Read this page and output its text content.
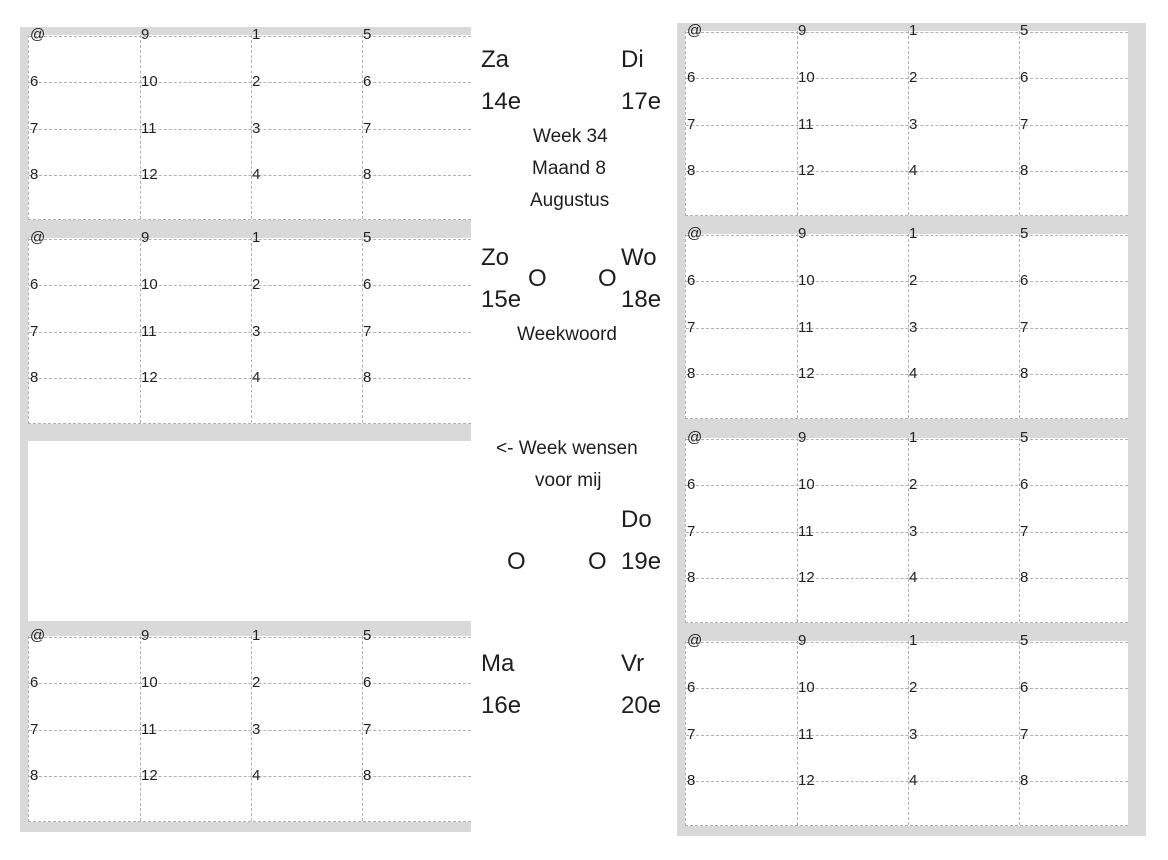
@	9	1	5
6	10	2	6
7	11	3	7
8	12	4	8
@	9	1	5
6	10	2	6
7	11	3	7
8	12	4	8
@	9	1	5
6	10	2	6
7	11	3	7
8	12	4	8
@	9	1	5
6	10	2	6
7	11	3	7
8	12	4	8
@	9	1	5
6	10	2	6
7	11	3	7
8	12	4	8
@	9	1	5
6	10	2	6
7	11	3	7
8	12	4	8
@	9	1	5
6	10	2	6
7	11	3	7
8	12	4	8
Za
14e
Di
17e
Week 34
Maand 8
Augustus
Zo
15e
O O
Wo
18e
Weekwoord
<- Week wensen
voor mij
Do
O	O 19e
Ma
16e
Vr
20e
